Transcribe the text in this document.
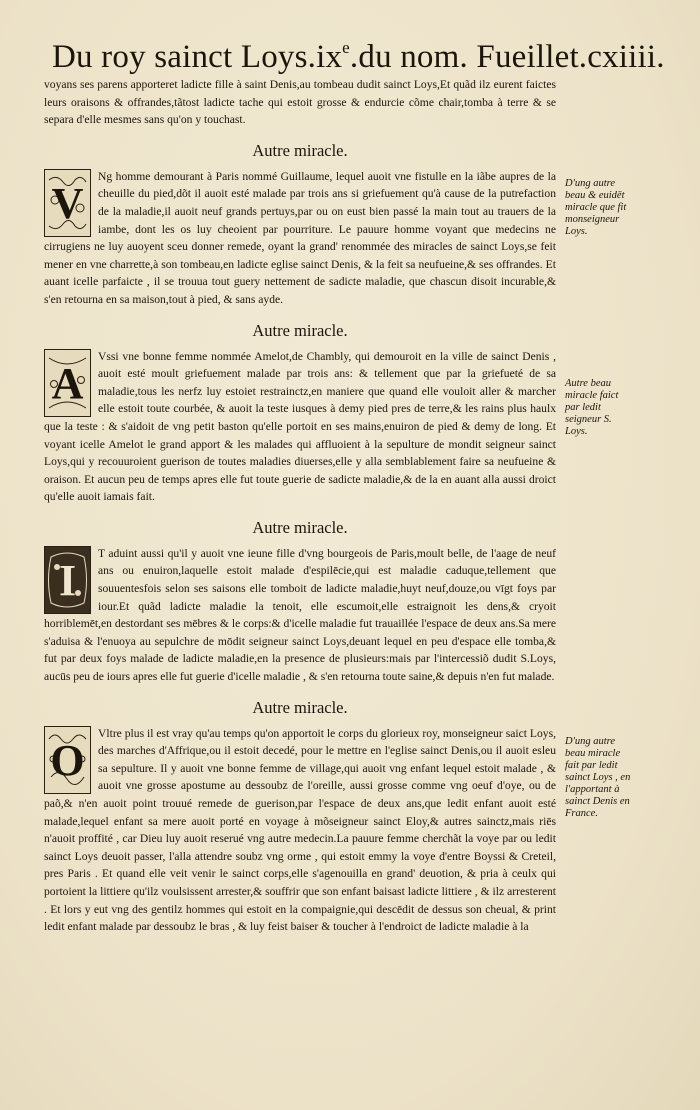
Du roy sainct $Loys.ix^e.du$ nom. Fueillet.cxiiii.

voyans ses parens apporteret ladicte fille à saint Denis,au tombeau dudit sainct Loys,Et quãd ilz eurent faictes leurs oraisons & offrandes,tãtost ladicte tache qui estoit grosse & endurcie cõme chair,tomba à terre & se separa d'elle mesmes sans qu'on y touchast.

Autre miracle.
V

Ng homme demourant à Paris nommé Guillaume, lequel auoit vne fistulle en la iãbe aupres de la cheuille du pied,dõt il auoit esté malade par trois ans si griefuement qu'à cause de la putrefaction de la maladie,il auoit neuf grands pertuys,par ou on eust bien passé la main tout au trauers de la iambe, dont les os luy cheoient par pourriture. Le pauure homme voyant que medecins ne cirrugiens ne luy auoyent sceu donner remede, oyant la grand' renommée des miracles de sainct Loys,se feit mener en vne charrette,à son tombeau,en ladicte eglise sainct Denis, & la feit sa neufueine,& ses offrandes. Et auant icelle parfaicte , il se trouua tout guery nettement de sadicte maladie, que chascun disoit incurable,& s'en retourna en sa maison,tout à pied, & sans ayde.

Autre miracle.
A

Vssi vne bonne femme nommée Amelot,de Chambly, qui demouroit en la ville de sainct Denis , auoit esté moult griefuement malade par trois ans: & tellement que par la griefueté de sa maladie,tous les nerfz luy estoiet restrainctz,en maniere que quand elle vouloit aller & marcher elle estoit toute courbée, & auoit la teste iusques à demy pied pres de terre,& les rains plus haulx que la teste : & s'aidoit de vng petit baston qu'elle portoit en ses mains,enuiron de pied & demy de long. Et voyant icelle Amelot le grand apport & les malades qui affluoient à la sepulture de mondit seigneur sainct Loys,qui y recouuroient guerison de toutes maladies diuerses,elle y alla semblablement faire sa neufueine & oraison. Et aucun peu de temps apres elle fut toute guerie de sadicte maladie,& de la en auant alla aussi droict qu'elle auoit iamais fait.

Autre miracle.
I

T aduint aussi qu'il y auoit vne ieune fille d'vng bourgeois de Paris,moult belle, de l'aage de neuf ans ou enuiron,laquelle estoit malade d'espilēcie,qui est maladie caduque,tellement que souuentesfois selon ses saisons elle tomboit de ladicte maladie,huyt neuf,douze,ou vīgt foys par iour.Et quãd ladicte maladie la tenoit, elle escumoit,elle estraignoit les dens,& cryoit horriblemēt,en destordant ses mēbres & le corps:& d'icelle maladie fut trauaillée l'espace de deux ans.Sa mere s'aduisa & l'enuoya au sepulchre de mōdit seigneur sainct Loys,deuant lequel en peu d'espace elle tomba,& fut par deux foys malade de ladicte maladie,en la presence de plusieurs:mais par l'intercessiõ dudit S.Loys, aucūs peu de iours apres elle fut guerie d'icelle maladie , & s'en retourna toute saine,& depuis n'en fut malade.

Autre miracle.
O

Vltre plus il est vray qu'au temps qu'on apportoit le corps du glorieux roy, monseigneur saict Loys, des marches d'Affrique,ou il estoit decedé, pour le mettre en l'eglise sainct Denis,ou il auoit esleu sa sepulture. Il y auoit vne bonne femme de village,qui auoit vng enfant lequel estoit malade , & auoit vne grosse apostume au dessoubz de l'oreille, aussi grosse comme vng oeuf d'oye, ou de paõ,& n'en auoit point trouué remede de guerison,par l'espace de deux ans,que ledit enfant auoit esté malade,lequel enfant sa mere auoit porté en voyage à mõseigneur sainct Eloy,& autres sainctz,mais riēs n'auoit proffité , car Dieu luy auoit reserué vng autre medecin.La pauure femme cherchãt la voye par ou ledit sainct Loys deuoit passer, l'alla attendre soubz vng orme , qui estoit emmy la voye d'entre Boyssi & Creteil, pres Paris . Et quand elle veit venir le sainct corps,elle s'agenouilla en grand' deuotion, & pria à ceulx qui portoient la littiere qu'ilz voulsissent arrester,& souffrir que son enfant baisast ladicte littiere , & ilz arresterent . Et lors y eut vng des gentilz hommes qui estoit en la compaignie,qui descēdit de dessus son cheual, & print ledit enfant malade par dessoubz le bras , & luy feist baiser & toucher à l'endroict de ladicte maladie à la

D'ung autre beau & euidēt miracle que fit monseigneur Loys.
Autre beau miracle faict par ledit seigneur S. Loys.
D'ung autre beau miracle fait par ledit sainct Loys , en l'apportant à sainct Denis en France.
